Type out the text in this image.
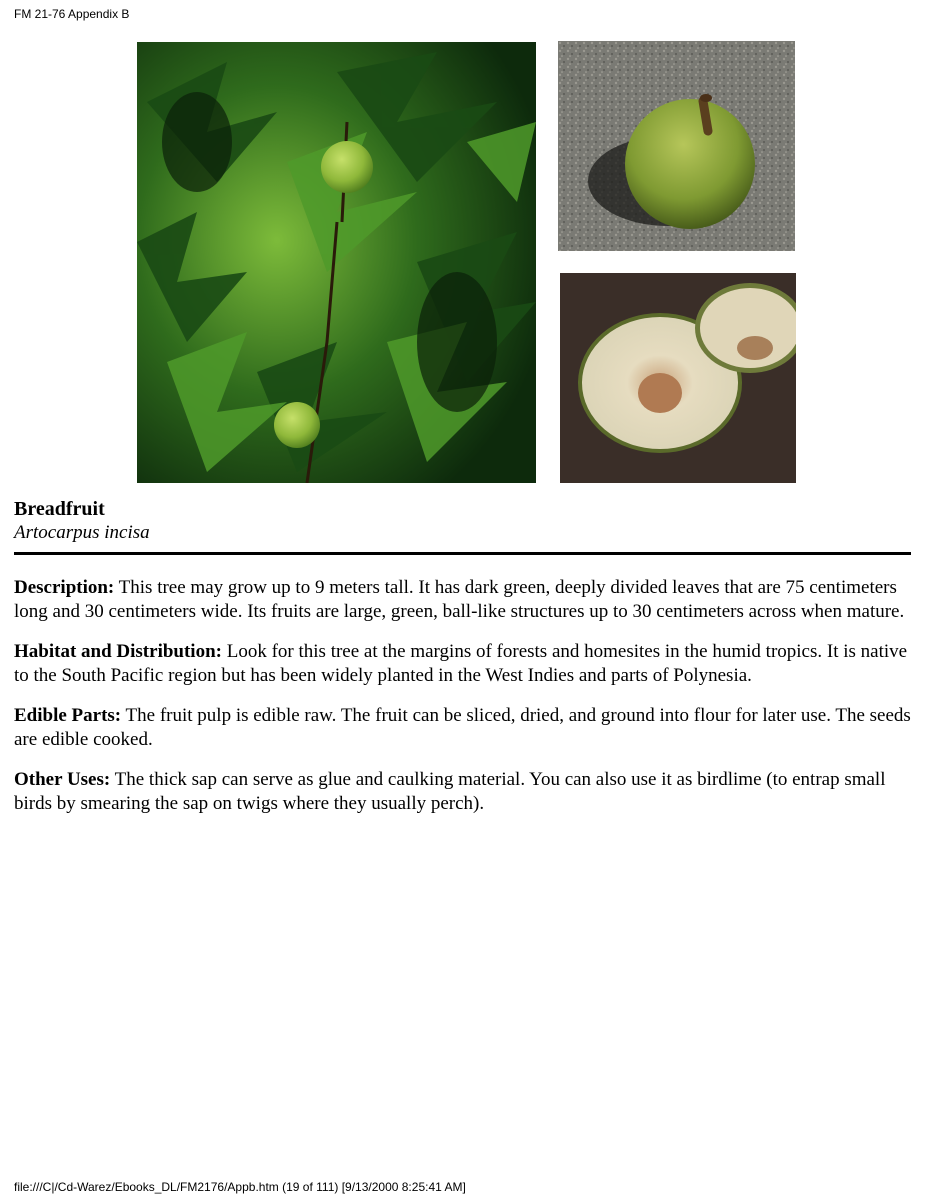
FM 21-76 Appendix B
Breadfruit
Artocarpus incisa

Description: This tree may grow up to 9 meters tall. It has dark green, deeply divided leaves that are 75 centimeters long and 30 centimeters wide. Its fruits are large, green, ball-like structures up to 30 centimeters across when mature.

Habitat and Distribution: Look for this tree at the margins of forests and homesites in the humid tropics. It is native to the South Pacific region but has been widely planted in the West Indies and parts of Polynesia.

Edible Parts: The fruit pulp is edible raw. The fruit can be sliced, dried, and ground into flour for later use. The seeds are edible cooked.

Other Uses: The thick sap can serve as glue and caulking material. You can also use it as birdlime (to entrap small birds by smearing the sap on twigs where they usually perch).

file:///C|/Cd-Warez/Ebooks_DL/FM2176/Appb.htm (19 of 111) [9/13/2000 8:25:41 AM]
